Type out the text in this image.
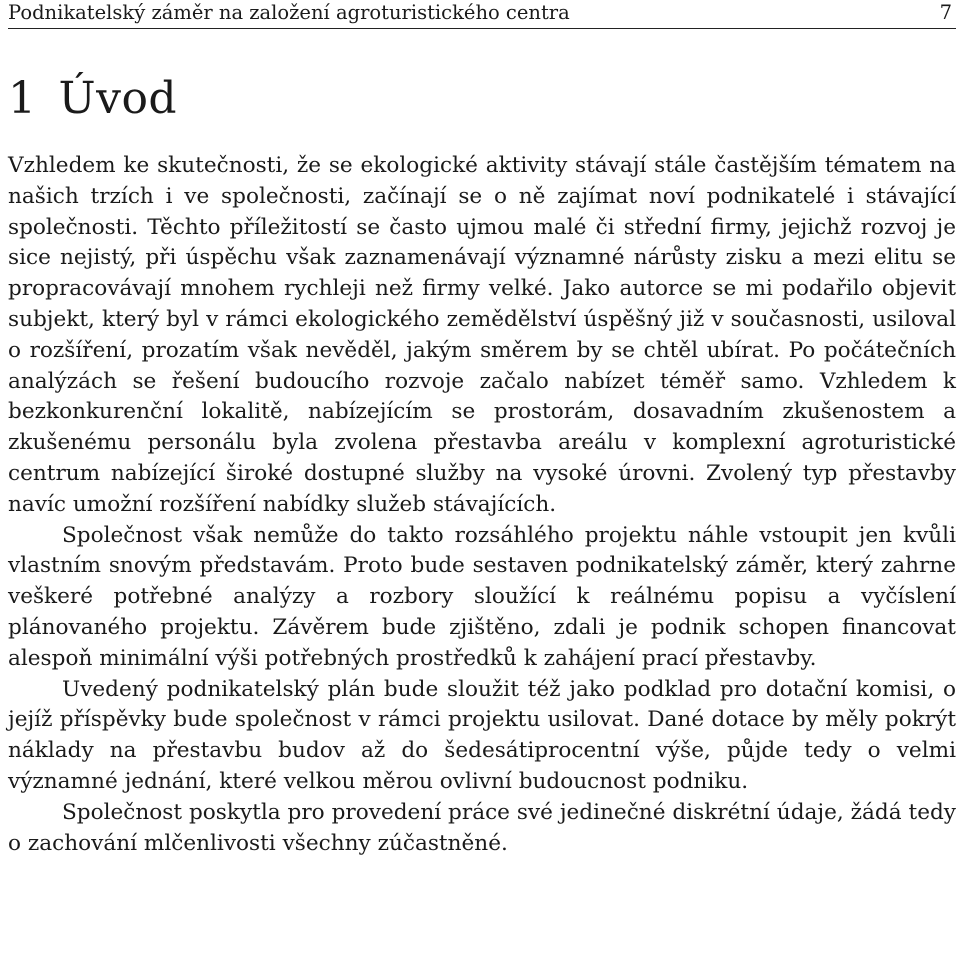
Podnikatelský záměr na založení agroturistického centra	7
1 Úvod

Vzhledem ke skutečnosti, že se ekologické aktivity stávají stále častějším tématem na našich trzích i ve společnosti, začínají se o ně zajímat noví podnikatelé i stávající společnosti. Těchto příležitostí se často ujmou malé či střední firmy, jejichž rozvoj je sice nejistý, při úspěchu však zaznamenávají významné nárůsty zisku a mezi elitu se propracovávají mnohem rychleji než firmy velké. Jako autorce se mi podařilo objevit subjekt, který byl v rámci ekologického zemědělství úspěšný již v současnosti, usiloval o rozšíření, prozatím však nevěděl, jakým směrem by se chtěl ubírat. Po počátečních analýzách se řešení budoucího rozvoje začalo nabízet téměř samo. Vzhledem k bezkonkurenční lokalitě, nabízejícím se prostorám, dosavadním zkušenostem a zkušenému personálu byla zvolena přestavba areálu v komplexní agroturistické centrum nabízející široké dostupné služby na vysoké úrovni. Zvolený typ přestavby navíc umožní rozšíření nabídky služeb stávajících.

Společnost však nemůže do takto rozsáhlého projektu náhle vstoupit jen kvůli vlastním snovým představám. Proto bude sestaven podnikatelský záměr, který zahrne veškeré potřebné analýzy a rozbory sloužící k reálnému popisu a vyčíslení plánovaného projektu. Závěrem bude zjištěno, zdali je podnik schopen financovat alespoň minimální výši potřebných prostředků k zahájení prací přestavby.

Uvedený podnikatelský plán bude sloužit též jako podklad pro dotační komisi, o jejíž příspěvky bude společnost v rámci projektu usilovat. Dané dotace by měly pokrýt náklady na přestavbu budov až do šedesátiprocentní výše, půjde tedy o velmi významné jednání, které velkou měrou ovlivní budoucnost podniku.

Společnost poskytla pro provedení práce své jedinečné diskrétní údaje, žádá tedy o zachování mlčenlivosti všechny zúčastněné.
